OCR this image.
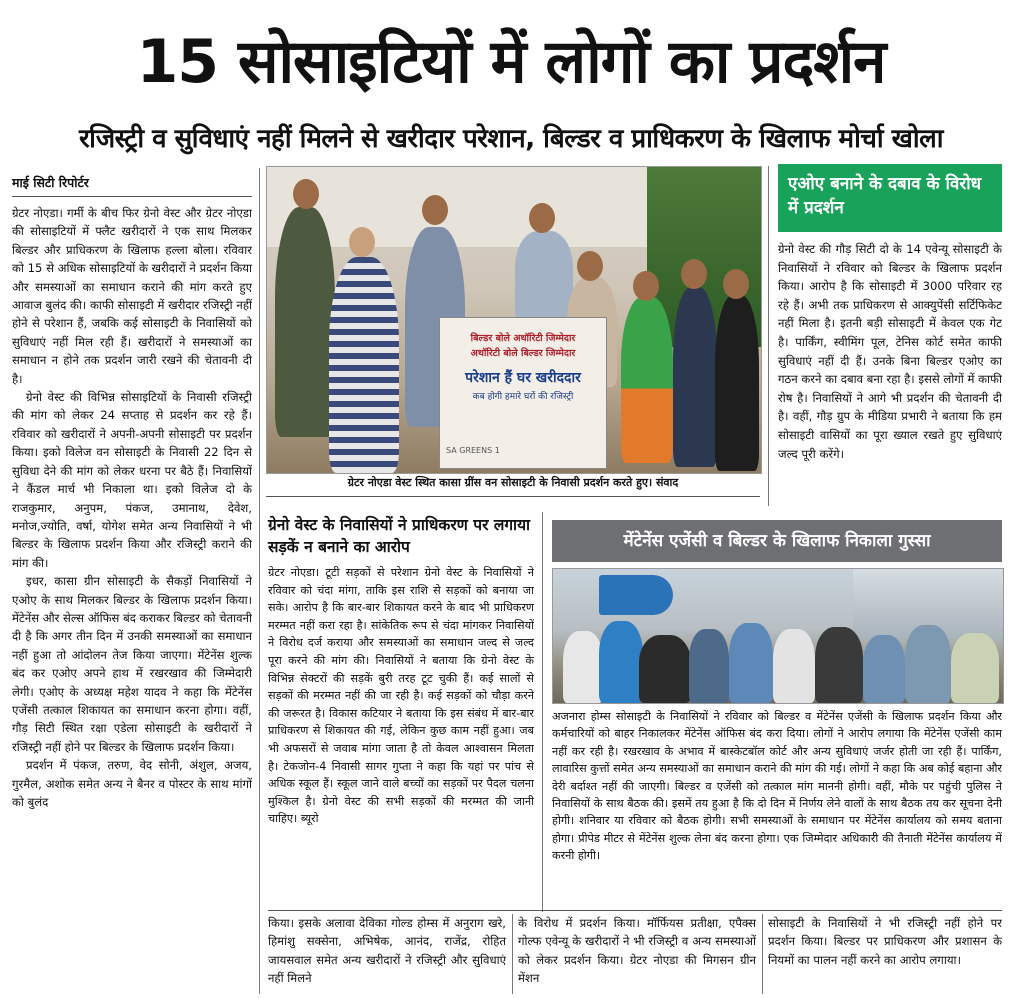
15 सोसाइटियों में लोगों का प्रदर्शन
रजिस्ट्री व सुविधाएं नहीं मिलने से खरीदार परेशान, बिल्डर व प्राधिकरण के खिलाफ मोर्चा खोला
माई सिटी रिपोर्टर

ग्रेटर नोएडा। गर्मी के बीच फिर ग्रेनो वेस्ट और ग्रेटर नोएडा की सोसाइटियों में फ्लैट खरीदारों ने एक साथ मिलकर बिल्डर और प्राधिकरण के खिलाफ हल्ला बोला। रविवार को 15 से अधिक सोसाइटियों के खरीदारों ने प्रदर्शन किया और समस्याओं का समाधान कराने की मांग करते हुए आवाज बुलंद की। काफी सोसाइटी में खरीदार रजिस्ट्री नहीं होने से परेशान हैं, जबकि कई सोसाइटी के निवासियों को सुविधाएं नहीं मिल रही हैं। खरीदारों ने समस्याओं का समाधान न होने तक प्रदर्शन जारी रखने की चेतावनी दी है।

ग्रेनो वेस्ट की विभिन्न सोसाइटियों के निवासी रजिस्ट्री की मांग को लेकर 24 सप्ताह से प्रदर्शन कर रहे हैं। रविवार को खरीदारों ने अपनी-अपनी सोसाइटी पर प्रदर्शन किया। इको विलेज वन सोसाइटी के निवासी 22 दिन से सुविधा देने की मांग को लेकर धरना पर बैठे हैं। निवासियों ने कैंडल मार्च भी निकाला था। इको विलेज दो के राजकुमार, अनुपम, पंकज, उमानाथ, देवेश, मनोज,ज्योति, वर्षा, योगेश समेत अन्य निवासियों ने भी बिल्डर के खिलाफ प्रदर्शन किया और रजिस्ट्री कराने की मांग की।

इधर, कासा ग्रीन सोसाइटी के सैकड़ों निवासियों ने एओए के साथ मिलकर बिल्डर के खिलाफ प्रदर्शन किया। मेंटेनेंस और सेल्स ऑफिस बंद कराकर बिल्डर को चेतावनी दी है कि अगर तीन दिन में उनकी समस्याओं का समाधान नहीं हुआ तो आंदोलन तेज किया जाएगा। मेंटेनेंस शुल्क बंद कर एओए अपने हाथ में रखरखाव की जिम्मेदारी लेगी। एओए के अध्यक्ष महेश यादव ने कहा कि मेंटेनेंस एजेंसी तत्काल शिकायत का समाधान करना होगा। वहीं, गौड़ सिटी स्थित रक्षा एडेला सोसाइटी के खरीदारों ने रजिस्ट्री नहीं होने पर बिल्डर के खिलाफ प्रदर्शन किया।

प्रदर्शन में पंकज, तरुण, वेद सोनी, अंशुल, अजय, गुरमैल, अशोक समेत अन्य ने बैनर व पोस्टर के साथ मांगों को बुलंद

बिल्डर बोले अथॉरिटी जिम्मेदार
अथॉरिटी बोले बिल्डर जिम्मेदार
परेशान हैं घर खरीददार
कब होगी हमारे घरों की रजिस्ट्री
SA GREENS 1
ग्रेटर नोएडा वेस्ट स्थित कासा ग्रींस वन सोसाइटी के निवासी प्रदर्शन करते हुए। संवाद
एओए बनाने के दबाव के विरोध में प्रदर्शन
ग्रेनो वेस्ट की गौड़ सिटी दो के 14 एवेन्यू सोसाइटी के निवासियों ने रविवार को बिल्डर के खिलाफ प्रदर्शन किया। आरोप है कि सोसाइटी में 3000 परिवार रह रहे हैं। अभी तक प्राधिकरण से आक्युपेंसी सर्टिफिकेट नहीं मिला है। इतनी बड़ी सोसाइटी में केवल एक गेट है। पार्किंग, स्वीमिंग पूल, टेनिस कोर्ट समेत काफी सुविधाएं नहीं दी हैं। उनके बिना बिल्डर एओए का गठन करने का दबाव बना रहा है। इससे लोगों में काफी रोष है। निवासियों ने आगे भी प्रदर्शन की चेतावनी दी है। वहीं, गौड़ ग्रुप के मीडिया प्रभारी ने बताया कि हम सोसाइटी वासियों का पूरा ख्याल रखते हुए सुविधाएं जल्द पूरी करेंगे।
ग्रेनो वेस्ट के निवासियों ने प्राधिकरण पर लगाया सड़कें न बनाने का आरोप
ग्रेटर नोएडा। टूटी सड़कों से परेशान ग्रेनो वेस्ट के निवासियों ने रविवार को चंदा मांगा, ताकि इस राशि से सड़कों को बनाया जा सके। आरोप है कि बार-बार शिकायत करने के बाद भी प्राधिकरण मरम्मत नहीं करा रहा है। सांकेतिक रूप से चंदा मांगकर निवासियों ने विरोध दर्ज कराया और समस्याओं का समाधान जल्द से जल्द पूरा करने की मांग की। निवासियों ने बताया कि ग्रेनो वेस्ट के विभिन्न सेक्टरों की सड़कें बुरी तरह टूट चुकी हैं। कई सालों से सड़कों की मरम्मत नहीं की जा रही है। कई सड़कों को चौड़ा करने की जरूरत है। विकास कटियार ने बताया कि इस संबंध में बार-बार प्राधिकरण से शिकायत की गई, लेकिन कुछ काम नहीं हुआ। जब भी अफसरों से जवाब मांगा जाता है तो केवल आश्वासन मिलता है। टेकजोन-4 निवासी सागर गुप्ता ने कहा कि यहां पर पांच से अधिक स्कूल हैं। स्कूल जाने वाले बच्चों का सड़कों पर पैदल चलना मुश्किल है। ग्रेनो वेस्ट की सभी सड़कों की मरम्मत की जानी चाहिए। ब्यूरो
मेंटेनेंस एजेंसी व बिल्डर के खिलाफ निकाला गुस्सा
अजनारा होम्स सोसाइटी के निवासियों ने रविवार को बिल्डर व मेंटेनेंस एजेंसी के खिलाफ प्रदर्शन किया और कर्मचारियों को बाहर निकालकर मेंटेनेंस ऑफिस बंद करा दिया। लोगों ने आरोप लगाया कि मेंटेनेंस एजेंसी काम नहीं कर रही है। रखरखाव के अभाव में बास्केटबॉल कोर्ट और अन्य सुविधाएं जर्जर होती जा रही हैं। पार्किंग, लावारिस कुत्तों समेत अन्य समस्याओं का समाधान कराने की मांग की गई। लोगों ने कहा कि अब कोई बहाना और देरी बर्दाश्त नहीं की जाएगी। बिल्डर व एजेंसी को तत्काल मांग माननी होगी। वहीं, मौके पर पहुंची पुलिस ने निवासियों के साथ बैठक की। इसमें तय हुआ है कि दो दिन में निर्णय लेने वालों के साथ बैठक तय कर सूचना देनी होगी। शनिवार या रविवार को बैठक होगी। सभी समस्याओं के समाधान पर मेंटेनेंस कार्यालय को समय बताना होगा। प्रीपेड मीटर से मेंटेनेंस शुल्क लेना बंद करना होगा। एक जिम्मेदार अधिकारी की तैनाती मेंटेनेंस कार्यालय में करनी होगी।
किया। इसके अलावा देविका गोल्ड होम्स में अनुराग खरे, हिमांशु सक्सेना, अभिषेक, आनंद, राजेंद्र, रोहित जायसवाल समेत अन्य खरीदारों ने रजिस्ट्री और सुविधाएं नहीं मिलने
के विरोध में प्रदर्शन किया। मॉर्फियस प्रतीक्षा, एपैक्स गोल्फ एवेन्यू के खरीदारों ने भी रजिस्ट्री व अन्य समस्याओं को लेकर प्रदर्शन किया। ग्रेटर नोएडा की मिगसन ग्रीन मेंशन
सोसाइटी के निवासियों ने भी रजिस्ट्री नहीं होने पर प्रदर्शन किया। बिल्डर पर प्राधिकरण और प्रशासन के नियमों का पालन नहीं करने का आरोप लगाया।
